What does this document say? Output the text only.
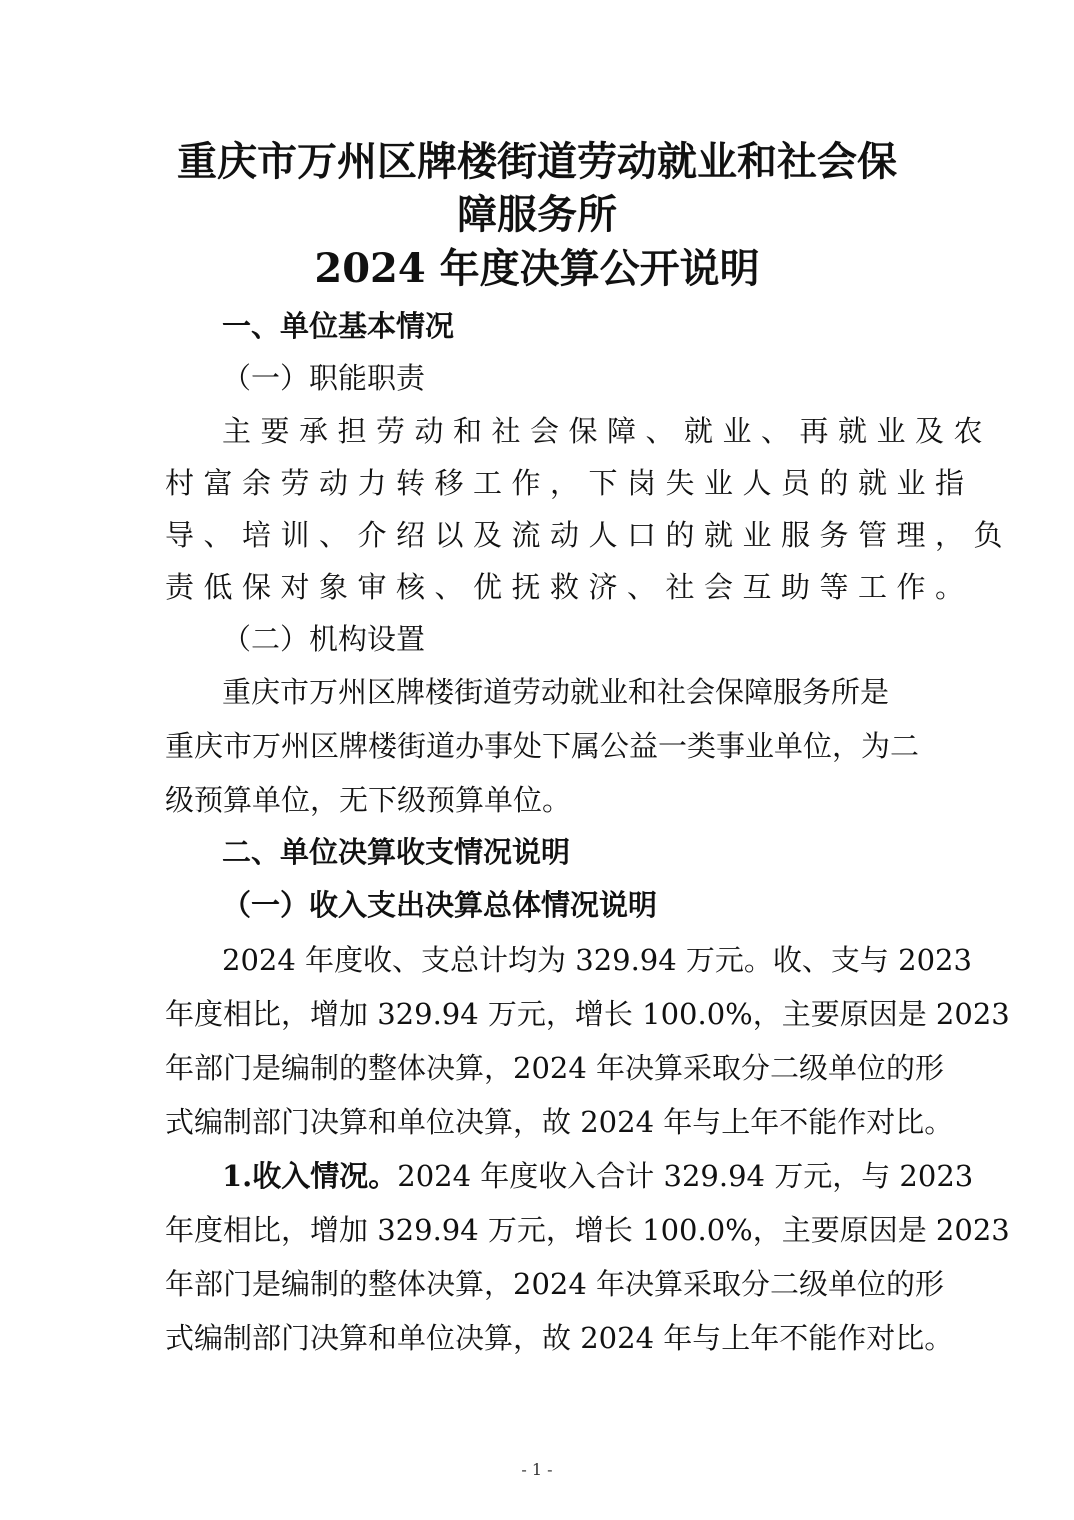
重庆市万州区牌楼街道劳动就业和社会保
障服务所
2024 年度决算公开说明
一、单位基本情况
（一）职能职责
主要承担劳动和社会保障、就业、再就业及农
村富余劳动力转移工作，下岗失业人员的就业指
导、培训、介绍以及流动人口的就业服务管理，负
责低保对象审核、优抚救济、社会互助等工作。
（二）机构设置
重庆市万州区牌楼街道劳动就业和社会保障服务所是
重庆市万州区牌楼街道办事处下属公益一类事业单位，为二
级预算单位，无下级预算单位。
二、单位决算收支情况说明
（一）收入支出决算总体情况说明
2024 年度收、支总计均为 329.94 万元。收、支与 2023
年度相比，增加 329.94 万元，增长 100.0%，主要原因是 2023
年部门是编制的整体决算，2024 年决算采取分二级单位的形
式编制部门决算和单位决算，故 2024 年与上年不能作对比。
1.收入情况。2024 年度收入合计 329.94 万元，与 2023
年度相比，增加 329.94 万元，增长 100.0%，主要原因是 2023
年部门是编制的整体决算，2024 年决算采取分二级单位的形
式编制部门决算和单位决算，故 2024 年与上年不能作对比。
- 1 -
